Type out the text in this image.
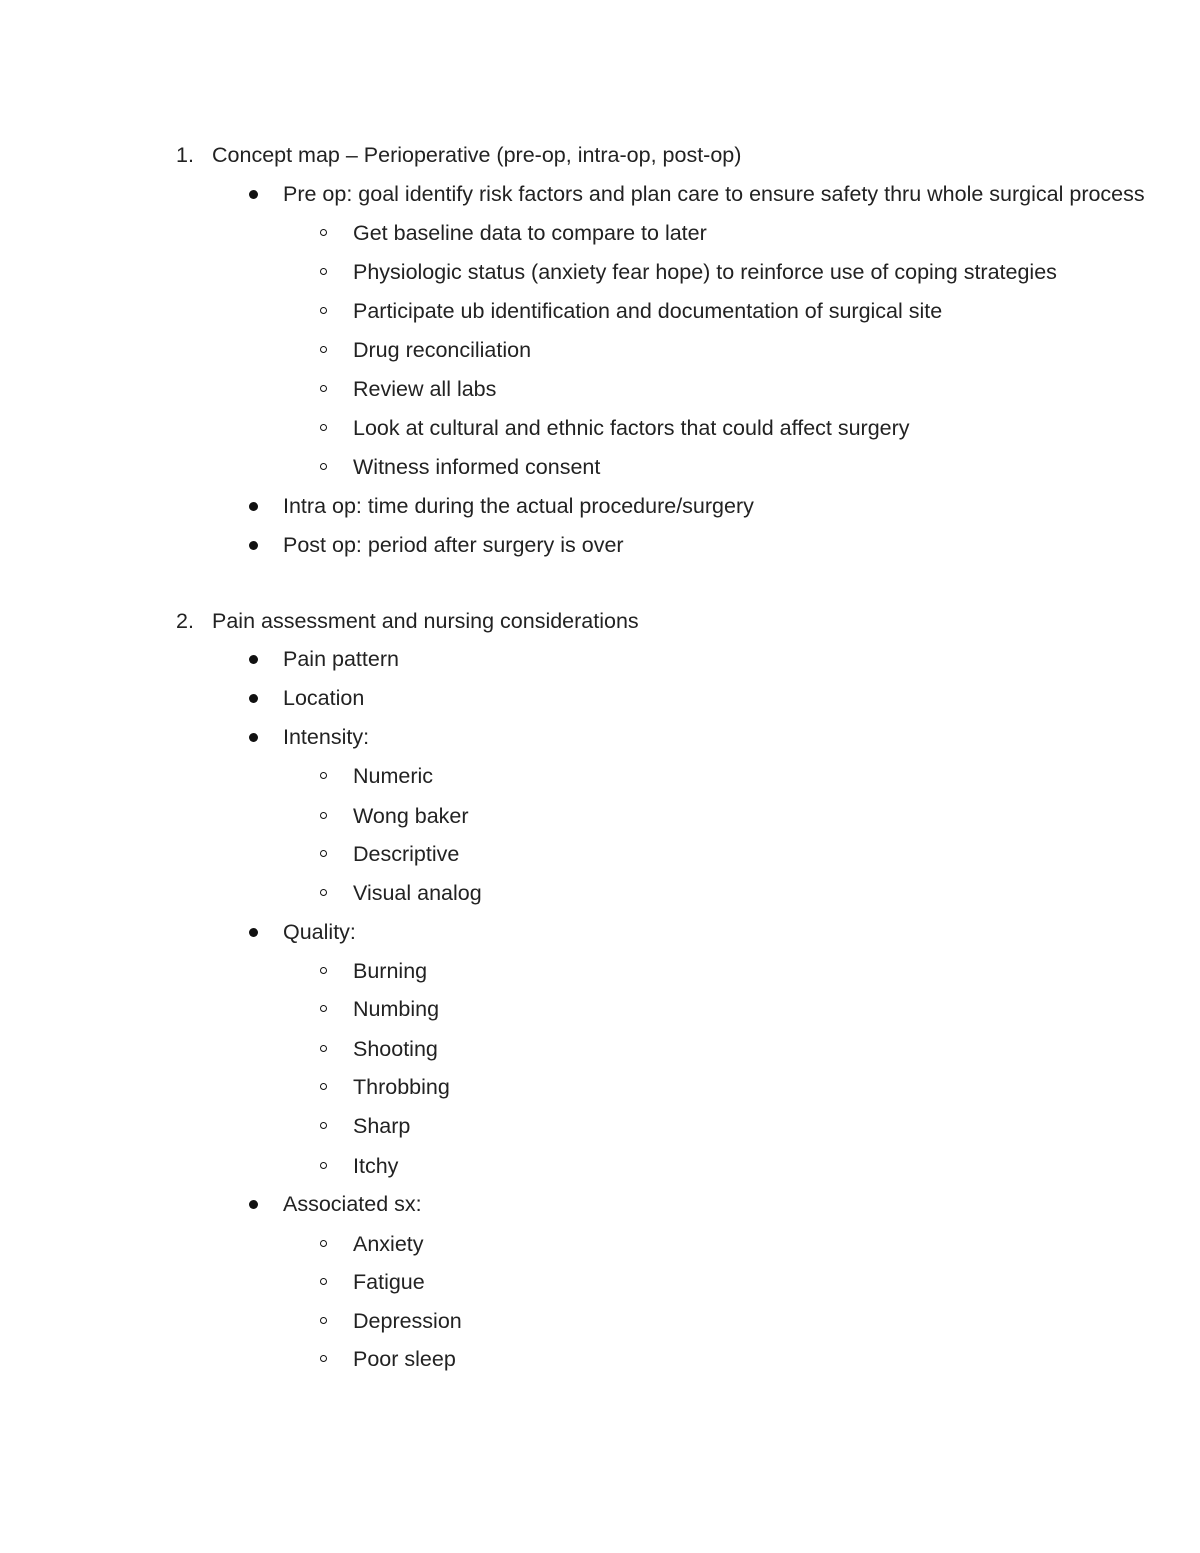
1. Concept map – Perioperative (pre-op, intra-op, post-op)
Pre op: goal identify risk factors and plan care to ensure safety thru whole surgical process
Get baseline data to compare to later
Physiologic status (anxiety fear hope) to reinforce use of coping strategies
Participate ub identification and documentation of surgical site
Drug reconciliation
Review all labs
Look at cultural and ethnic factors that could affect surgery
Witness informed consent
Intra op: time during the actual procedure/surgery
Post op: period after surgery is over
2. Pain assessment and nursing considerations
Pain pattern
Location
Intensity:
Numeric
Wong baker
Descriptive
Visual analog
Quality:
Burning
Numbing
Shooting
Throbbing
Sharp
Itchy
Associated sx:
Anxiety
Fatigue
Depression
Poor sleep
